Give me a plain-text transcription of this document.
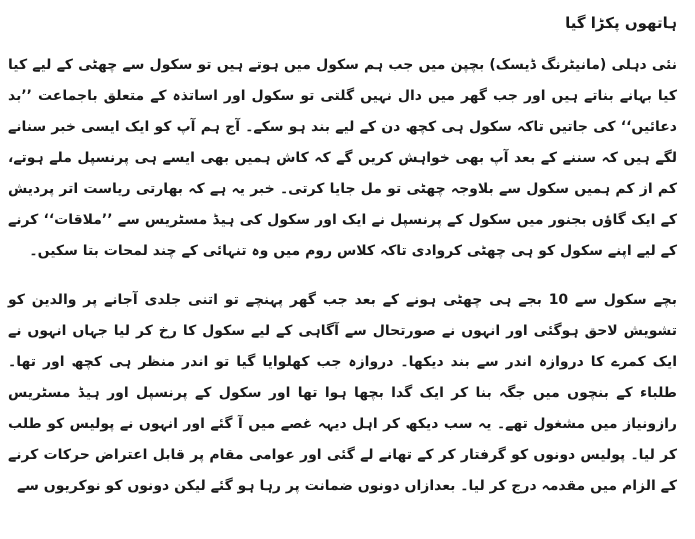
ہاتھوں پکڑا گیا

نئی دہلی (مانیٹرنگ ڈیسک) بچپن میں جب ہم سکول میں ہوتے ہیں تو سکول سے چھٹی کے لیے کیا کیا بہانے بناتے ہیں اور جب گھر میں دال نہیں گلتی تو سکول اور اساتذہ کے متعلق باجماعت ’’بد دعائیں‘‘ کی جاتیں تاکہ سکول ہی کچھ دن کے لیے بند ہو سکے۔ آج ہم آپ کو ایک ایسی خبر سنانے لگے ہیں کہ سننے کے بعد آپ بھی خواہش کریں گے کہ کاش ہمیں بھی ایسے ہی پرنسپل ملے ہوتے، کم از کم ہمیں سکول سے بلاوجہ چھٹی تو مل جایا کرتی۔ خبر یہ ہے کہ بھارتی ریاست اتر پردیش کے ایک گاؤں بجنور میں سکول کے پرنسپل نے ایک اور سکول کی ہیڈ مسٹریس سے ’’ملاقات‘‘ کرنے کے لیے اپنے سکول کو ہی چھٹی کروادی تاکہ کلاس روم میں وہ تنہائی کے چند لمحات بتا سکیں۔

بچے سکول سے 10 بجے ہی چھٹی ہونے کے بعد جب گھر پہنچے تو اتنی جلدی آجانے پر والدین کو تشویش لاحق ہوگئی اور انہوں نے صورتحال سے آگاہی کے لیے سکول کا رخ کر لیا جہاں انہوں نے ایک کمرے کا دروازہ اندر سے بند دیکھا۔ دروازہ جب کھلوایا گیا تو اندر منظر ہی کچھ اور تھا۔ طلباء کے بنچوں میں جگہ بنا کر ایک گدا بچھا ہوا تھا اور سکول کے پرنسپل اور ہیڈ مسٹریس رازونیاز میں مشغول تھے۔ یہ سب دیکھ کر اہل دیہہ غصے میں آ گئے اور انہوں نے پولیس کو طلب کر لیا۔ پولیس دونوں کو گرفتار کر کے تھانے لے گئی اور عوامی مقام پر قابل اعتراض حرکات کرنے کے الزام میں مقدمہ درج کر لیا۔ بعدازاں دونوں ضمانت پر رہا ہو گئے لیکن دونوں کو نوکریوں سے
